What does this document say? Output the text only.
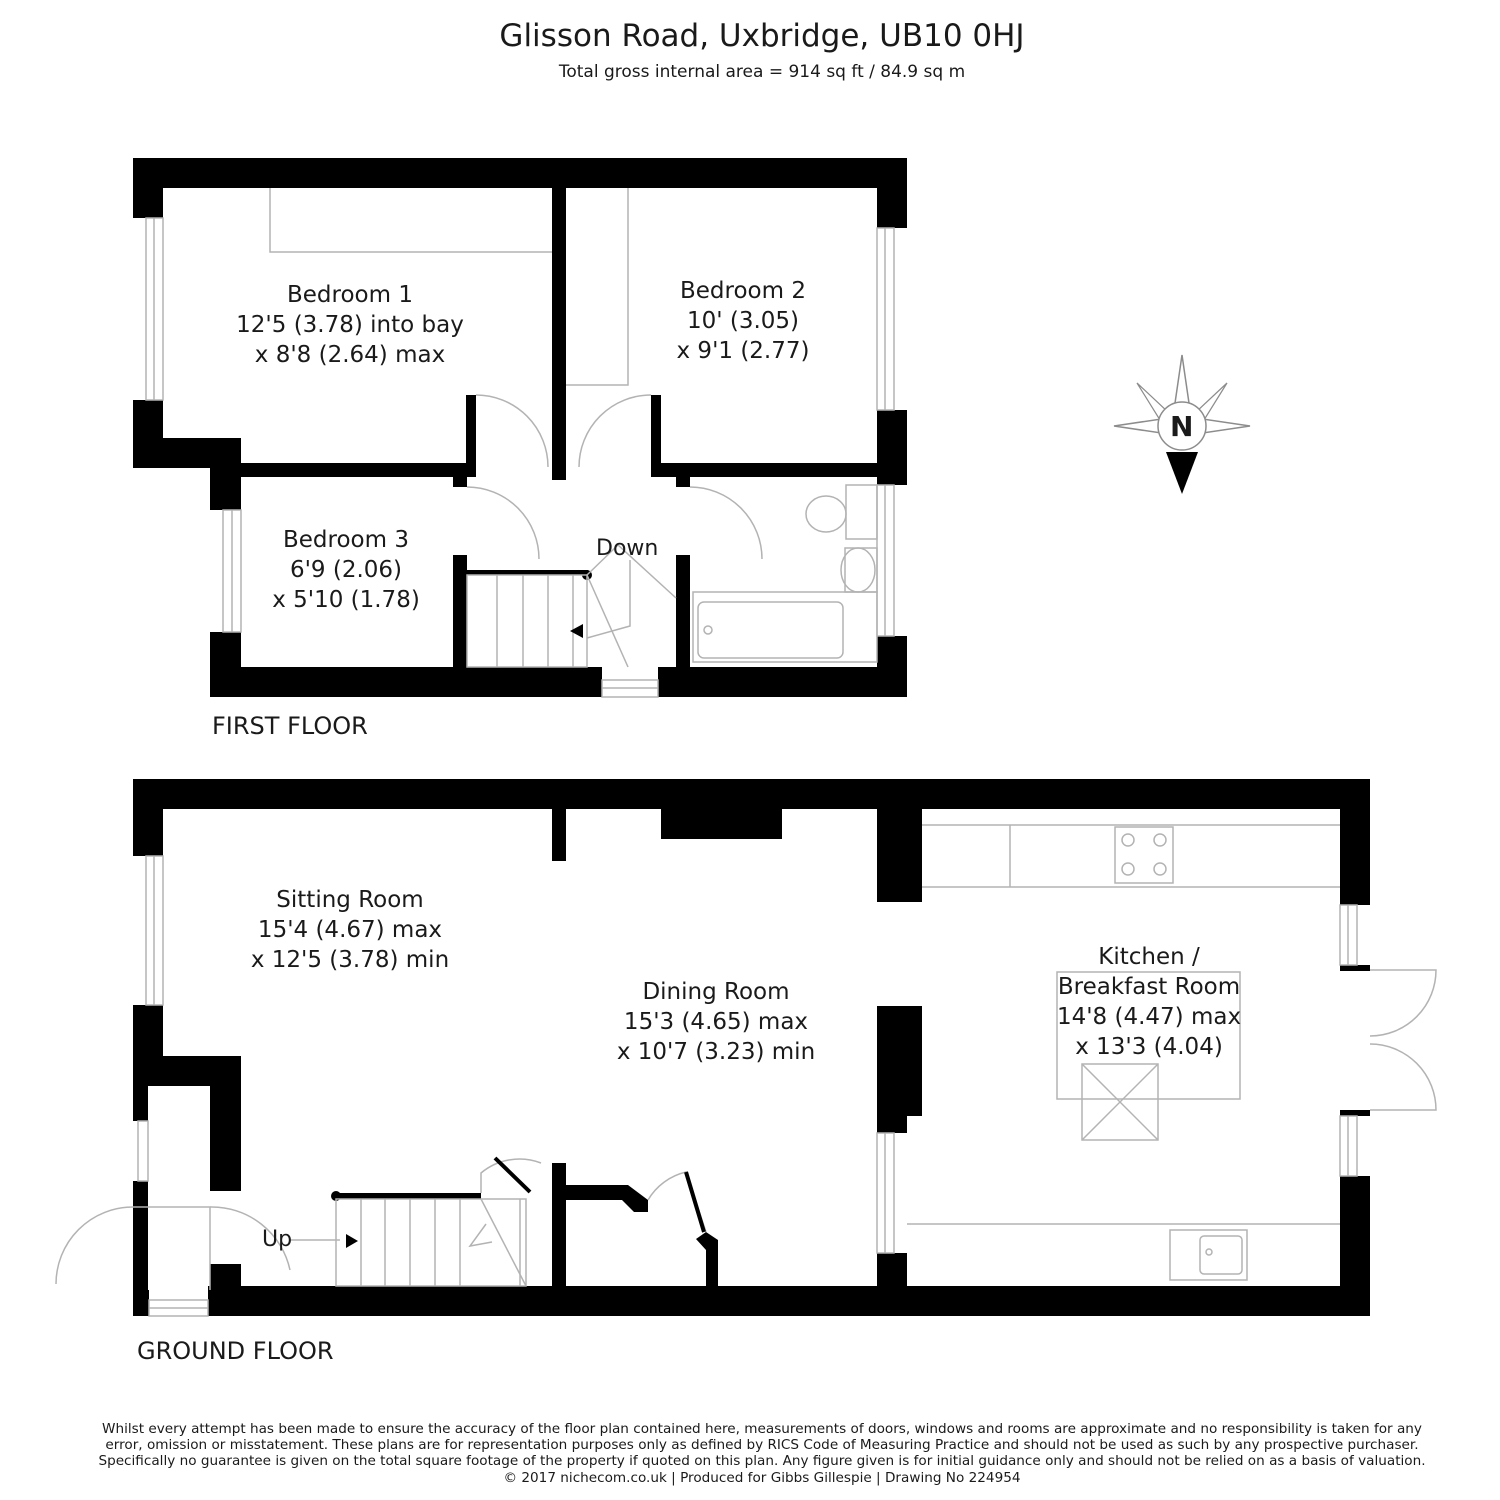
Glisson Road, Uxbridge, UB10 0HJ
Total gross internal area = 914 sq ft / 84.9 sq m
N
Bedroom 1
12'5 (3.78) into bay
x 8'8 (2.64) max
Bedroom 2
10' (3.05)
x 9'1 (2.77)
Bedroom 3
6'9 (2.06)
x 5'10 (1.78)
Down
FIRST FLOOR
Sitting Room
15'4 (4.67) max
x 12'5 (3.78) min
Dining Room
15'3 (4.65) max
x 10'7 (3.23) min
Kitchen /
Breakfast Room
14'8 (4.47) max
x 13'3 (4.04)
Up
GROUND FLOOR
Whilst every attempt has been made to ensure the accuracy of the floor plan contained here, measurements of doors, windows and rooms are approximate and no responsibility is taken for any
error, omission or misstatement. These plans are for representation purposes only as defined by RICS Code of Measuring Practice and should not be used as such by any prospective purchaser.
Specifically no guarantee is given on the total square footage of the property if quoted on this plan. Any figure given is for initial guidance only and should not be relied on as a basis of valuation.
© 2017 nichecom.co.uk | Produced for Gibbs Gillespie | Drawing No 224954
